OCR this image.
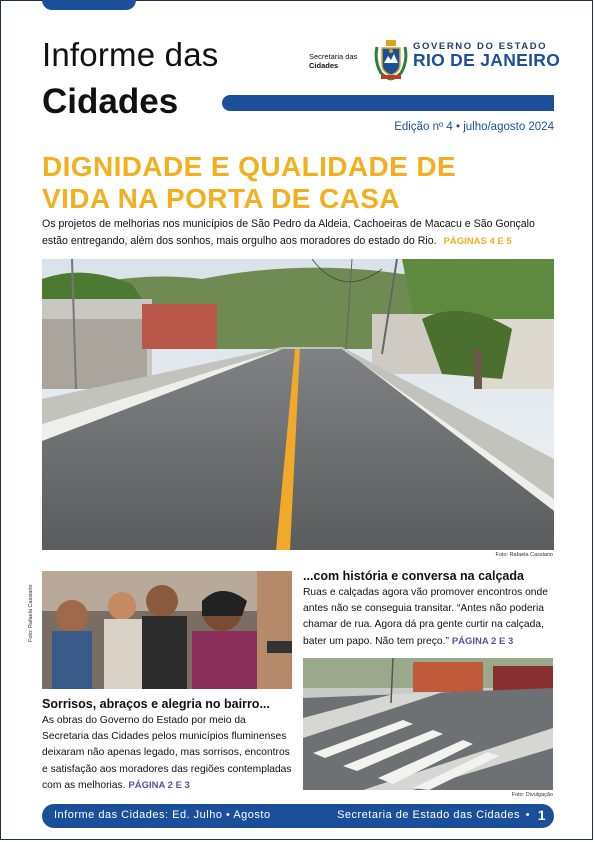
Informe das
Cidades
Edição nº 4 • julho/agosto 2024
Secretaria das
Cidades
GOVERNO DO ESTADO
RIO DE JANEIRO
DIGNIDADE E QUALIDADE DE
VIDA NA PORTA DE CASA
Os projetos de melhorias nos municípios de São Pedro da Aldeia, Cachoeiras de Macacu e São Gonçalo estão entregando, além dos sonhos, mais orgulho aos moradores do estado do Rio. PÁGINAS 4 E 5
Foto: Rafaela Cassiano
Foto: Rafaela Cassiano
Sorrisos, abraços e alegria no bairro...
As obras do Governo do Estado por meio da Secretaria das Cidades pelos municípios fluminenses deixaram não apenas legado, mas sorrisos, encontros e satisfação aos moradores das regiões contempladas com as melhorias. PÁGINA 2 E 3
...com história e conversa na calçada
Ruas e calçadas agora vão promover encontros onde antes não se conseguia transitar. “Antes não poderia chamar de rua. Agora dá pra gente curtir na calçada, bater um papo. Não tem preço.” PÁGINA 2 E 3
Foto: Divulgação
Informe das Cidades: Ed. Julho • Agosto	Secretaria de Estado das Cidades • 1
